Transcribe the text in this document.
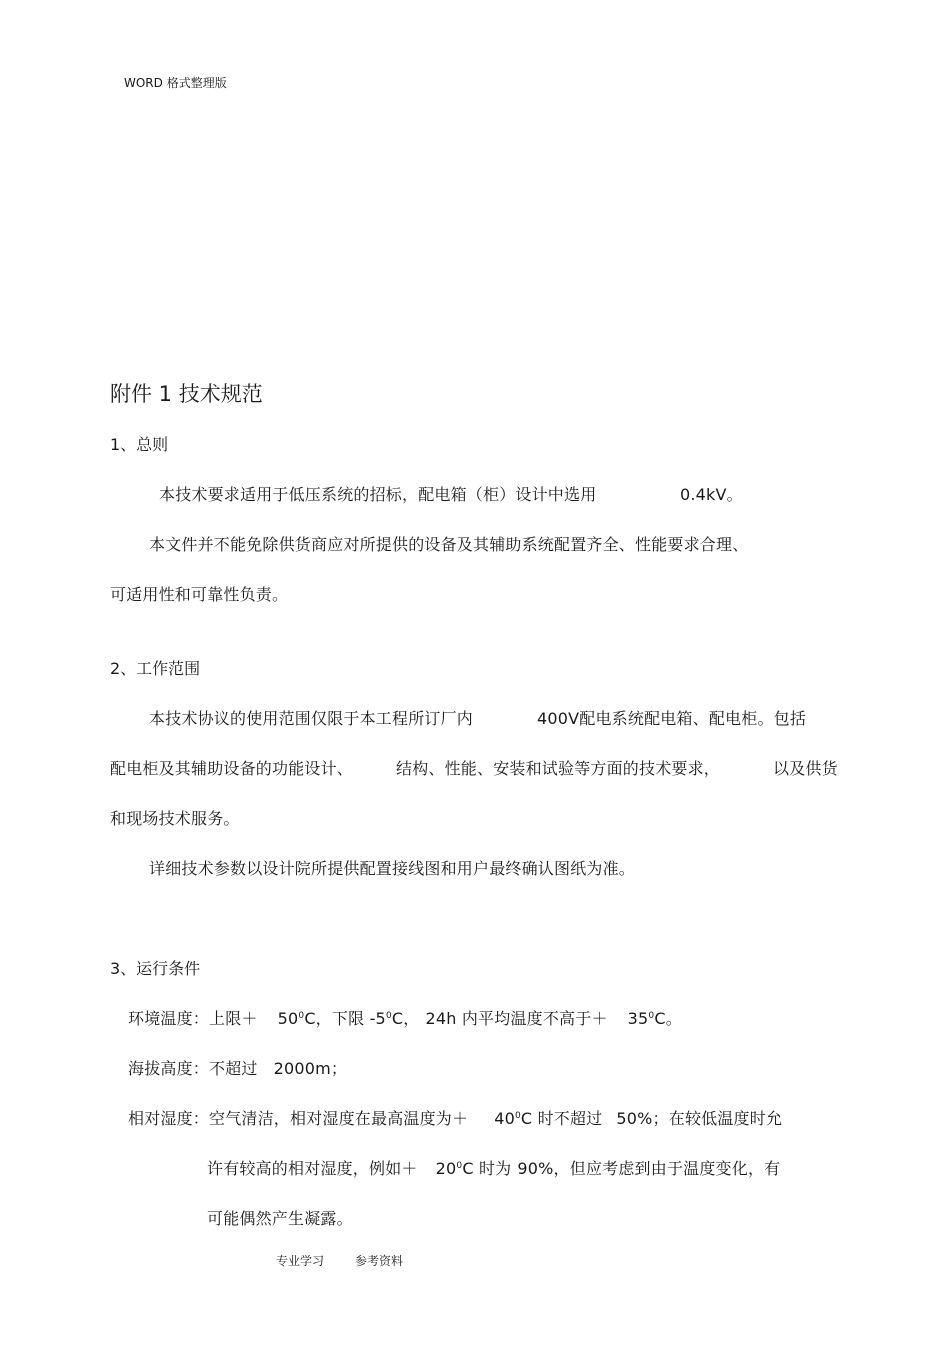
WORD 格式整理版
附件 1 技术规范
1、总则
本技术要求适用于低压系统的招标，配电箱（柜）设计中选用	0.4kV。
本文件并不能免除供货商应对所提供的设备及其辅助系统配置齐全、性能要求合理、
可适用性和可靠性负责。
2、工作范围
本技术协议的使用范围仅限于本工程所订厂内	400V配电系统配电箱、配电柜。包括
配电柜及其辅助设备的功能设计、	结构、性能、安装和试验等方面的技术要求，	以及供货
和现场技术服务。
详细技术参数以设计院所提供配置接线图和用户最终确认图纸为准。
3、运行条件
环境温度：上限＋ $50^0C$，下限 $-5^0C$， 24h 内平均温度不高于＋ $35^0C$。
海拔高度：不超过 2000m；
相对湿度：空气清洁，相对湿度在最高温度为＋ $40^0C$ 时不超过 50%；在较低温度时允
许有较高的相对湿度，例如＋ $20^0C$ 时为 90%，但应考虑到由于温度变化，有
可能偶然产生凝露。
专业学习	参考资料
